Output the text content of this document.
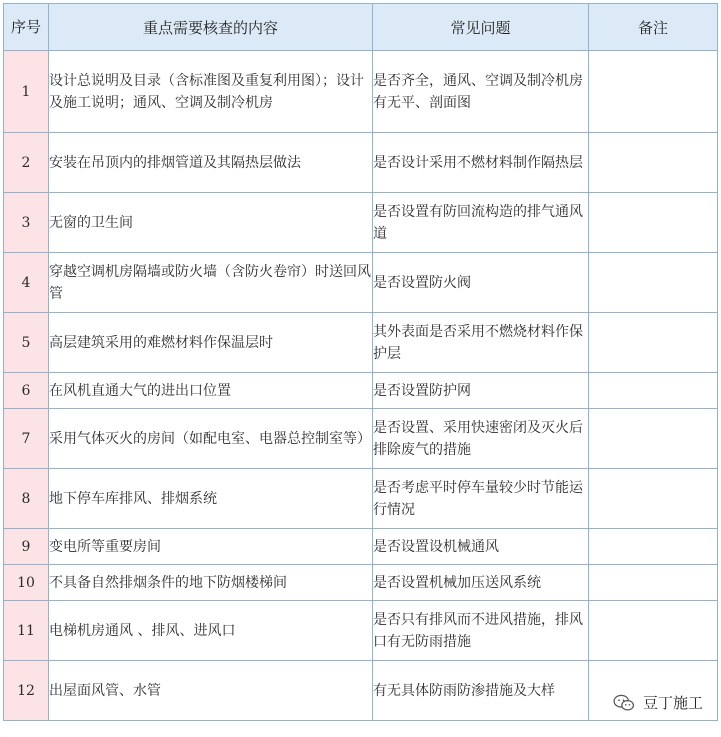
序号	重点需要核查的内容	常见问题	备注
1	设计总说明及目录（含标准图及重复利用图）；设计及施工说明；通风、空调及制冷机房	是否齐全，通风、空调及制冷机房有无平、剖面图	
2	安装在吊顶内的排烟管道及其隔热层做法	是否设计采用不燃材料制作隔热层	
3	无窗的卫生间	是否设置有防回流构造的排气通风道	
4	穿越空调机房隔墙或防火墙（含防火卷帘）时送回风管	是否设置防火阀	
5	高层建筑采用的难燃材料作保温层时	其外表面是否采用不燃烧材料作保护层	
6	在风机直通大气的进出口位置	是否设置防护网	
7	采用气体灭火的房间（如配电室、电器总控制室等）	是否设置、采用快速密闭及灭火后排除废气的措施	
8	地下停车库排风、排烟系统	是否考虑平时停车量较少时节能运行情况	
9	变电所等重要房间	是否设置设机械通风	
10	不具备自然排烟条件的地下防烟楼梯间	是否设置机械加压送风系统	
11	电梯机房通风 、排风、进风口	是否只有排风而不进风措施，排风口有无防雨措施	
12	出屋面风管、水管	有无具体防雨防渗措施及大样	
豆丁施工
